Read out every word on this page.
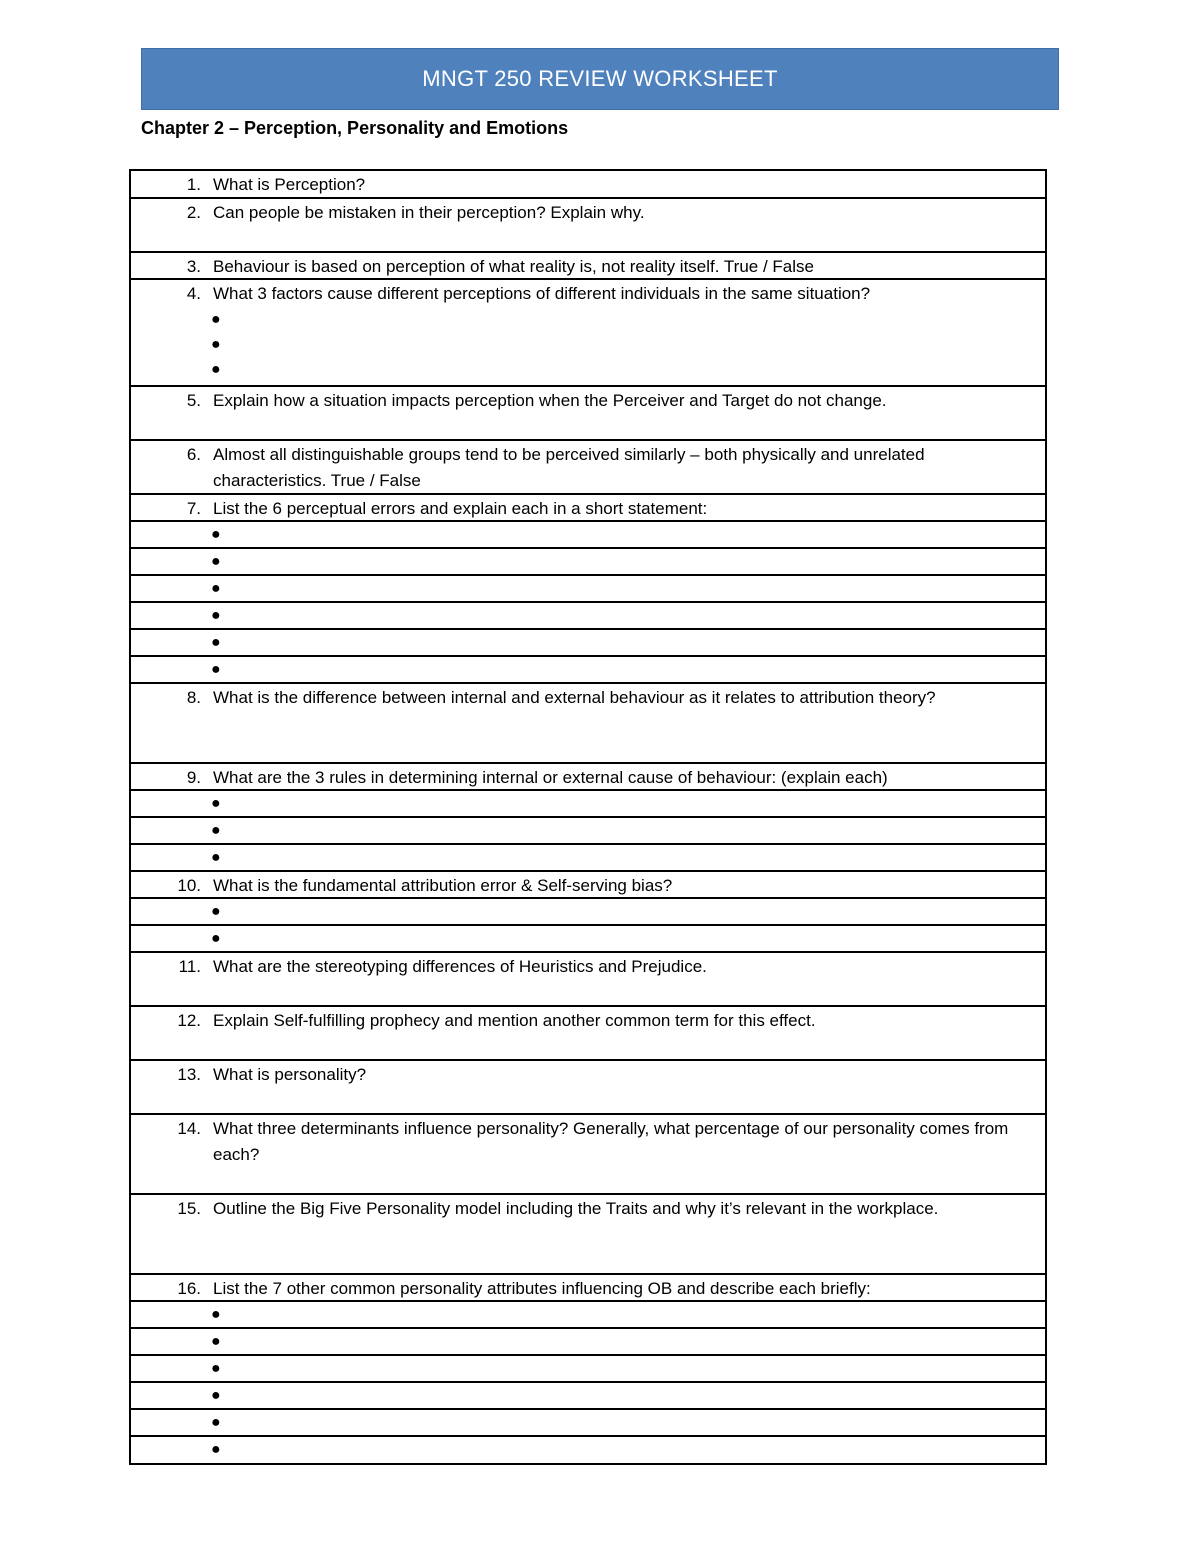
MNGT 250 REVIEW WORKSHEET
Chapter 2 – Perception, Personality and Emotions
1. What is Perception?
2. Can people be mistaken in their perception? Explain why.
3. Behaviour is based on perception of what reality is, not reality itself. True / False
4. What 3 factors cause different perceptions of different individuals in the same situation?
●
●
●
5. Explain how a situation impacts perception when the Perceiver and Target do not change.
6. Almost all distinguishable groups tend to be perceived similarly – both physically and unrelated characteristics. True / False
7. List the 6 perceptual errors and explain each in a short statement:
●
●
●
●
●
●
8. What is the difference between internal and external behaviour as it relates to attribution theory?
9. What are the 3 rules in determining internal or external cause of behaviour: (explain each)
●
●
●
10. What is the fundamental attribution error & Self-serving bias?
●
●
11. What are the stereotyping differences of Heuristics and Prejudice.
12. Explain Self-fulfilling prophecy and mention another common term for this effect.
13. What is personality?
14. What three determinants influence personality? Generally, what percentage of our personality comes from each?
15. Outline the Big Five Personality model including the Traits and why it’s relevant in the workplace.
16. List the 7 other common personality attributes influencing OB and describe each briefly:
●
●
●
●
●
●
